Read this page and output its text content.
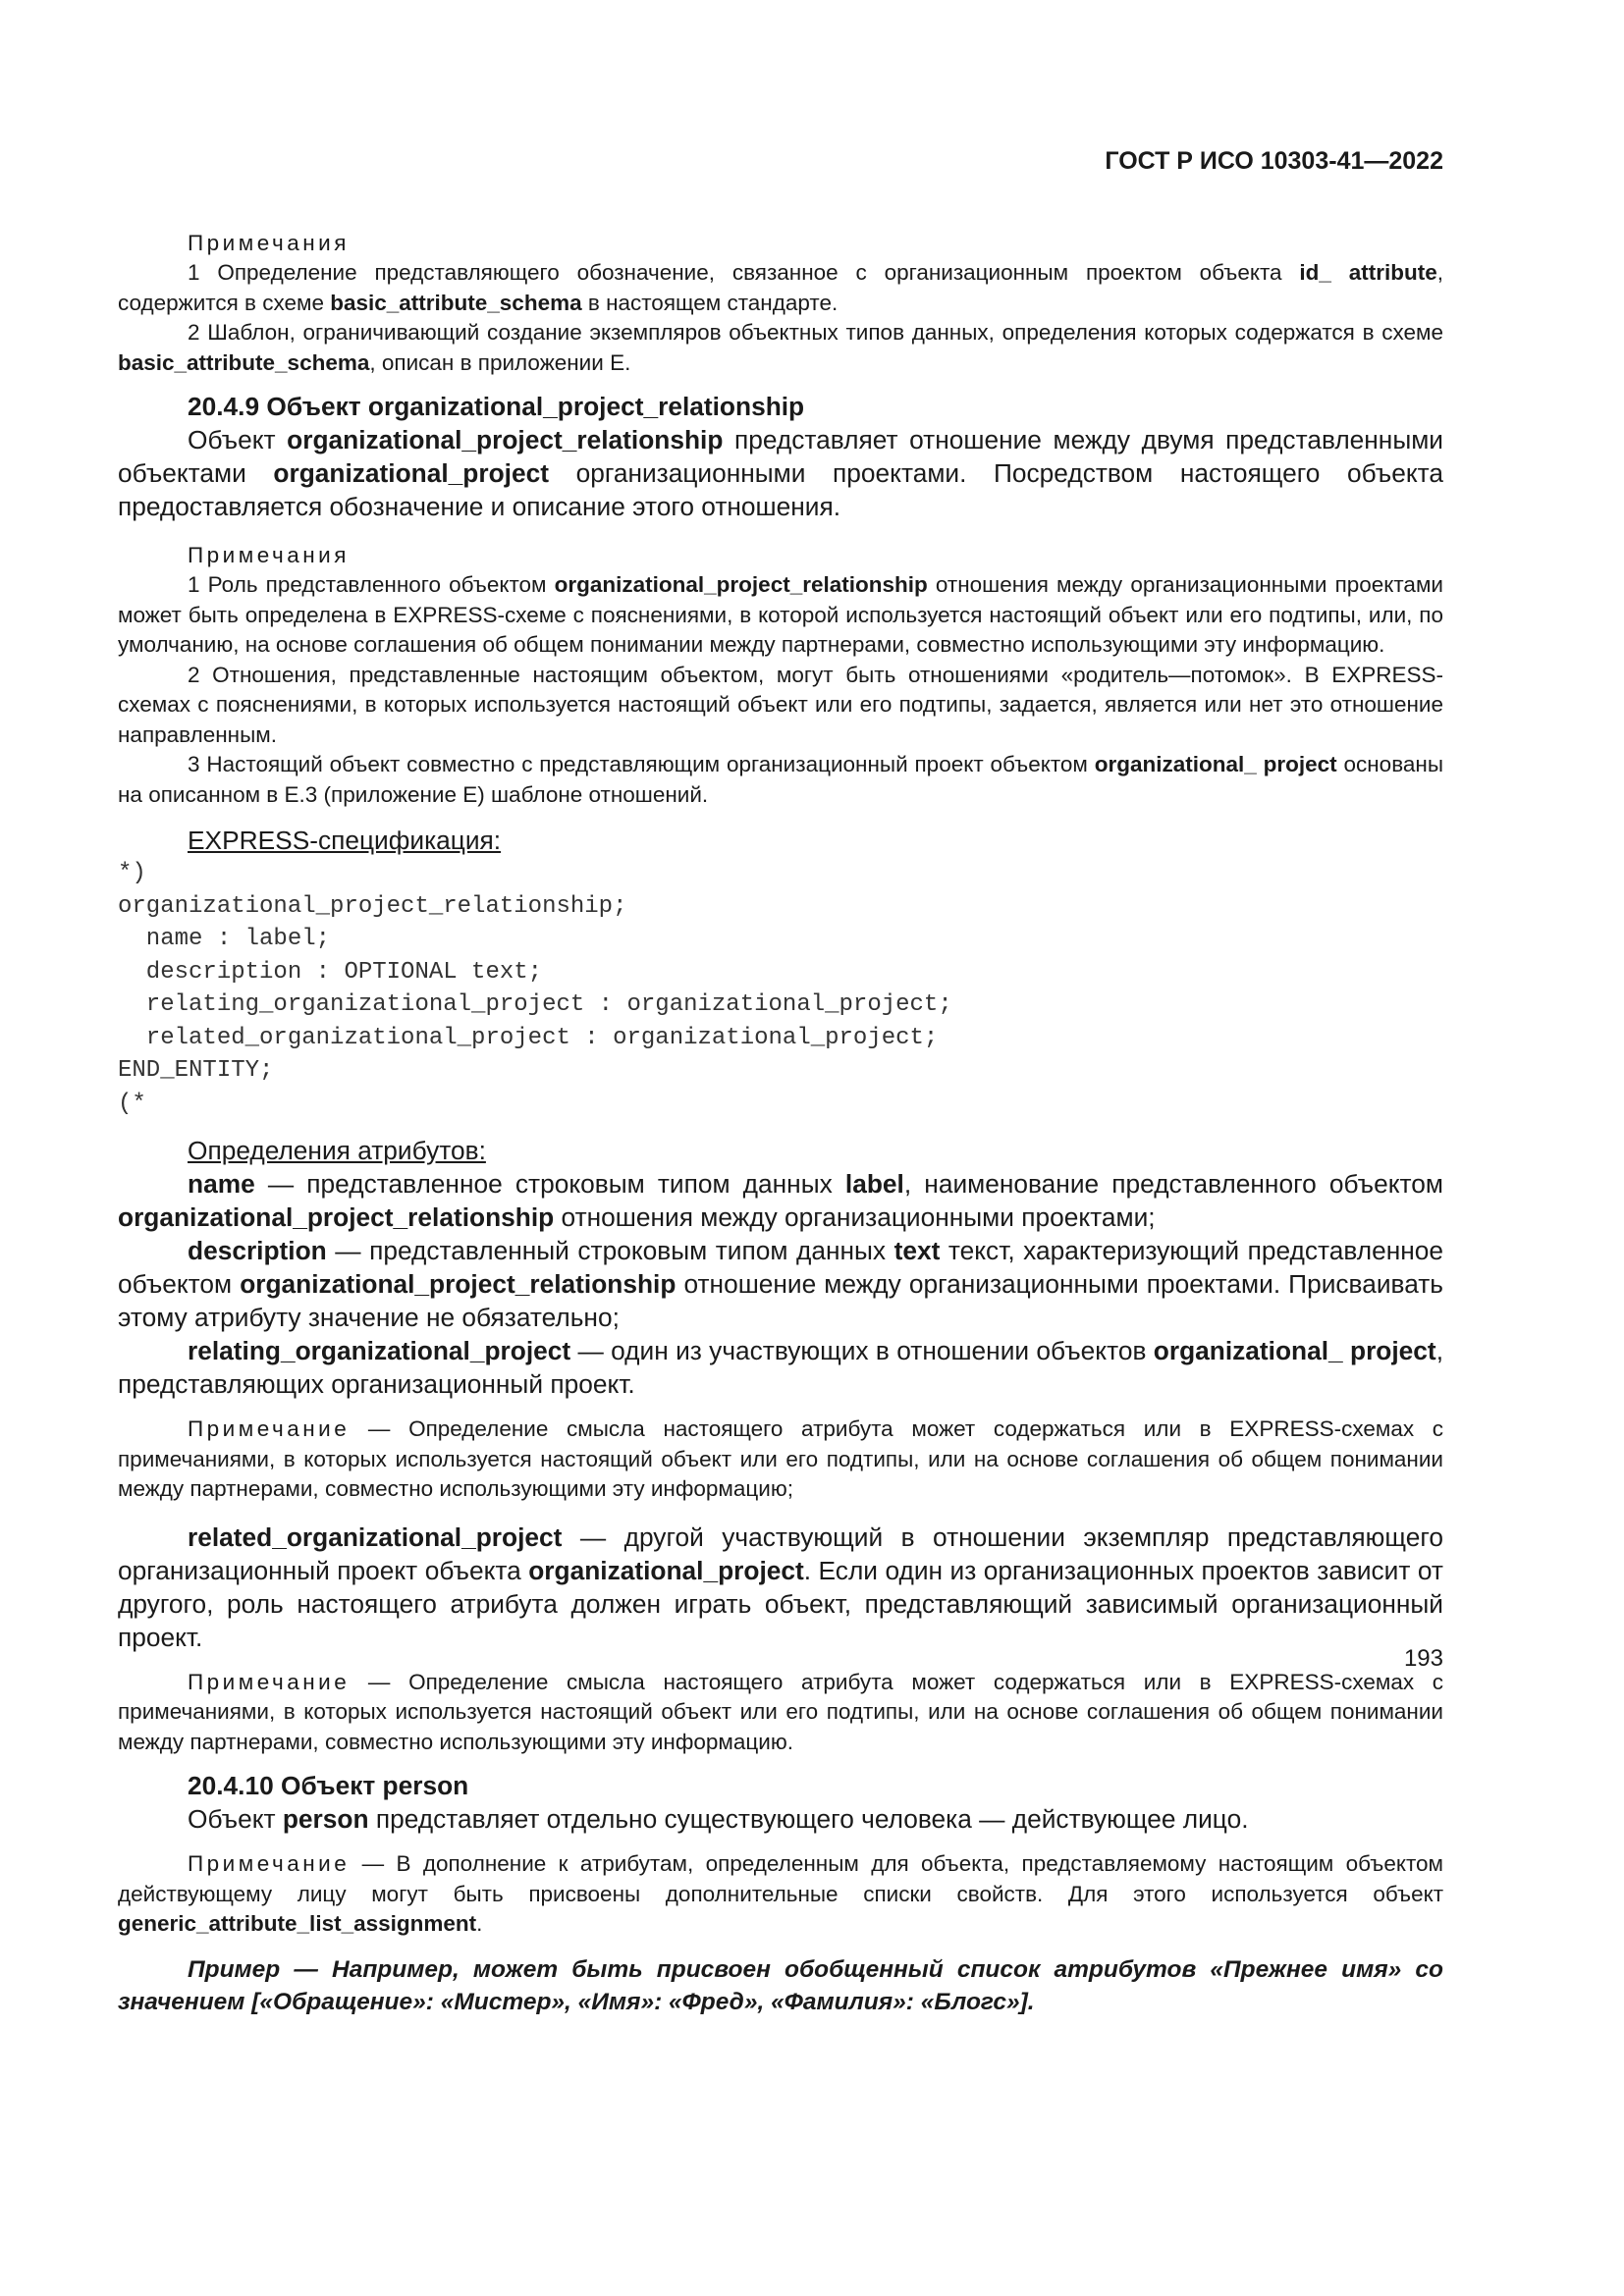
ГОСТ Р ИСО 10303-41—2022
Примечания

1 Определение представляющего обозначение, связанное с организационным проектом объекта id_ attribute, содержится в схеме basic_attribute_schema в настоящем стандарте.

2 Шаблон, ограничивающий создание экземпляров объектных типов данных, определения которых содержатся в схеме basic_attribute_schema, описан в приложении E.

20.4.9 Объект organizational_project_relationship

Объект organizational_project_relationship представляет отношение между двумя представленными объектами organizational_project организационными проектами. Посредством настоящего объекта предоставляется обозначение и описание этого отношения.

Примечания

1 Роль представленного объектом organizational_project_relationship отношения между организационными проектами может быть определена в EXPRESS-схеме с пояснениями, в которой используется настоящий объект или его подтипы, или, по умолчанию, на основе соглашения об общем понимании между партнерами, совместно использующими эту информацию.

2 Отношения, представленные настоящим объектом, могут быть отношениями «родитель—потомок». В EXPRESS-схемах с пояснениями, в которых используется настоящий объект или его подтипы, задается, является или нет это отношение направленным.

3 Настоящий объект совместно с представляющим организационный проект объектом organizational_ project основаны на описанном в E.3 (приложение E) шаблоне отношений.

EXPRESS-спецификация:
*)
organizational_project_relationship;
name : label;
description : OPTIONAL text;
relating_organizational_project : organizational_project;
related_organizational_project : organizational_project;
END_ENTITY;
(*
Определения атрибутов:

name — представленное строковым типом данных label, наименование представленного объектом organizational_project_relationship отношения между организационными проектами;

description — представленный строковым типом данных text текст, характеризующий представленное объектом organizational_project_relationship отношение между организационными проектами. Присваивать этому атрибуту значение не обязательно;

relating_organizational_project — один из участвующих в отношении объектов organizational_ project, представляющих организационный проект.

Примечание — Определение смысла настоящего атрибута может содержаться или в EXPRESS-схемах с примечаниями, в которых используется настоящий объект или его подтипы, или на основе соглашения об общем понимании между партнерами, совместно использующими эту информацию;

related_organizational_project — другой участвующий в отношении экземпляр представляющего организационный проект объекта organizational_project. Если один из организационных проектов зависит от другого, роль настоящего атрибута должен играть объект, представляющий зависимый организационный проект.

Примечание — Определение смысла настоящего атрибута может содержаться или в EXPRESS-схемах с примечаниями, в которых используется настоящий объект или его подтипы, или на основе соглашения об общем понимании между партнерами, совместно использующими эту информацию.

20.4.10 Объект person

Объект person представляет отдельно существующего человека — действующее лицо.

Примечание — В дополнение к атрибутам, определенным для объекта, представляемому настоящим объектом действующему лицу могут быть присвоены дополнительные списки свойств. Для этого используется объект generic_attribute_list_assignment.

Пример — Например, может быть присвоен обобщенный список атрибутов «Прежнее имя» со значением [«Обращение»: «Мистер», «Имя»: «Фред», «Фамилия»: «Блогс»].

193
